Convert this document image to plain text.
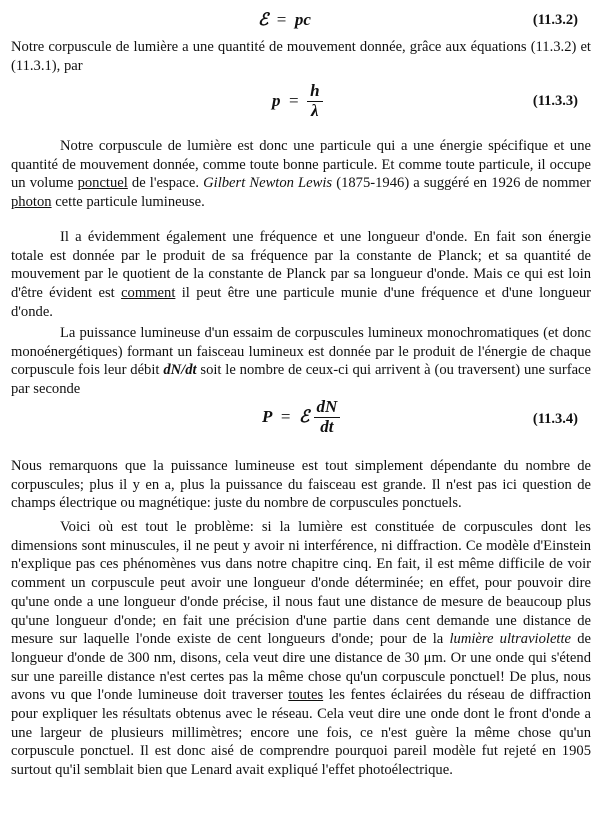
ℰ = pc	(11.3.2)

Notre corpuscule de lumière a une quantité de mouvement donnée, grâce aux équations (11.3.2) et (11.3.1), par

$p = \frac{h}{\lambda}$	(11.3.3)

Notre corpuscule de lumière est donc une particule qui a une énergie spécifique et une quantité de mouvement donnée, comme toute bonne particule. Et comme toute particule, il occupe un volume ponctuel de l'espace. Gilbert Newton Lewis (1875-1946) a suggéré en 1926 de nommer photon cette particule lumineuse.

Il a évidemment également une fréquence et une longueur d'onde. En fait son énergie totale est donnée par le produit de sa fréquence par la constante de Planck; et sa quantité de mouvement par le quotient de la constante de Planck par sa longueur d'onde. Mais ce qui est loin d'être évident est comment il peut être une particule munie d'une fréquence et d'une longueur d'onde.

La puissance lumineuse d'un essaim de corpuscules lumineux monochromatiques (et donc monoénergétiques) formant un faisceau lumineux est donnée par le produit de l'énergie de chaque corpuscule fois leur débit dN/dt soit le nombre de ceux-ci qui arrivent à (ou traversent) une surface par seconde

P = ℰ $\frac{dN}{dt}$	(11.3.4)

Nous remarquons que la puissance lumineuse est tout simplement dépendante du nombre de corpuscules; plus il y en a, plus la puissance du faisceau est grande. Il n'est pas ici question de champs électrique ou magnétique: juste du nombre de corpuscules ponctuels.

Voici où est tout le problème: si la lumière est constituée de corpuscules dont les dimensions sont minuscules, il ne peut y avoir ni interférence, ni diffraction. Ce modèle d'Einstein n'explique pas ces phénomènes vus dans notre chapitre cinq. En fait, il est même difficile de voir comment un corpuscule peut avoir une longueur d'onde déterminée; en effet, pour pouvoir dire qu'une onde a une longueur d'onde précise, il nous faut une distance de mesure de beaucoup plus qu'une longueur d'onde; en fait une précision d'une partie dans cent demande une distance de mesure sur laquelle l'onde existe de cent longueurs d'onde; pour de la lumière ultraviolette de longueur d'onde de 300 nm, disons, cela veut dire une distance de 30 μm. Or une onde qui s'étend sur une pareille distance n'est certes pas la même chose qu'un corpuscule ponctuel! De plus, nous avons vu que l'onde lumineuse doit traverser toutes les fentes éclairées du réseau de diffraction pour expliquer les résultats obtenus avec le réseau. Cela veut dire une onde dont le front d'onde a une largeur de plusieurs millimètres; encore une fois, ce n'est guère la même chose qu'un corpuscule ponctuel. Il est donc aisé de comprendre pourquoi pareil modèle fut rejeté en 1905 surtout qu'il semblait bien que Lenard avait expliqué l'effet photoélectrique.
